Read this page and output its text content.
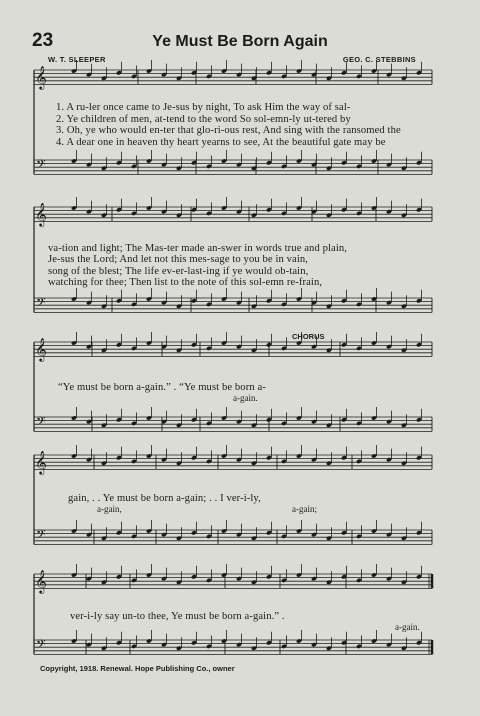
23	Ye Must Be Born Again
W. T. SLEEPER	GEO. C. STEBBINS
𝄞
𝄢
𝄞
𝄢
𝄞
𝄢
𝄞
𝄢
𝄞
𝄢
1. A ru-ler once came to Je-sus by night, To ask Him the way of sal-
2. Ye children of men, at-tend to the word So sol-emn-ly ut-tered by
3. Oh, ye who would en-ter that glo-ri-ous rest, And sing with the ransomed the
4. A dear one in heaven thy heart yearns to see, At the beautiful gate may be
va-tion and light; The Mas-ter made an-swer in words true and plain,
Je-sus the Lord; And let not this mes-sage to you be in vain,
song of the blest; The life ev-er-last-ing if ye would ob-tain,
watching for thee; Then list to the note of this sol-emn re-frain,
CHORUS
“Ye must be born a-gain.” . “Ye must be born a-
a-gain.
gain, . . Ye must be born a-gain; . . I ver-i-ly,
a-gain,	a-gain;
ver-i-ly say un-to thee, Ye must be born a-gain.” .
a-gain.
Copyright, 1918. Renewal. Hope Publishing Co., owner
